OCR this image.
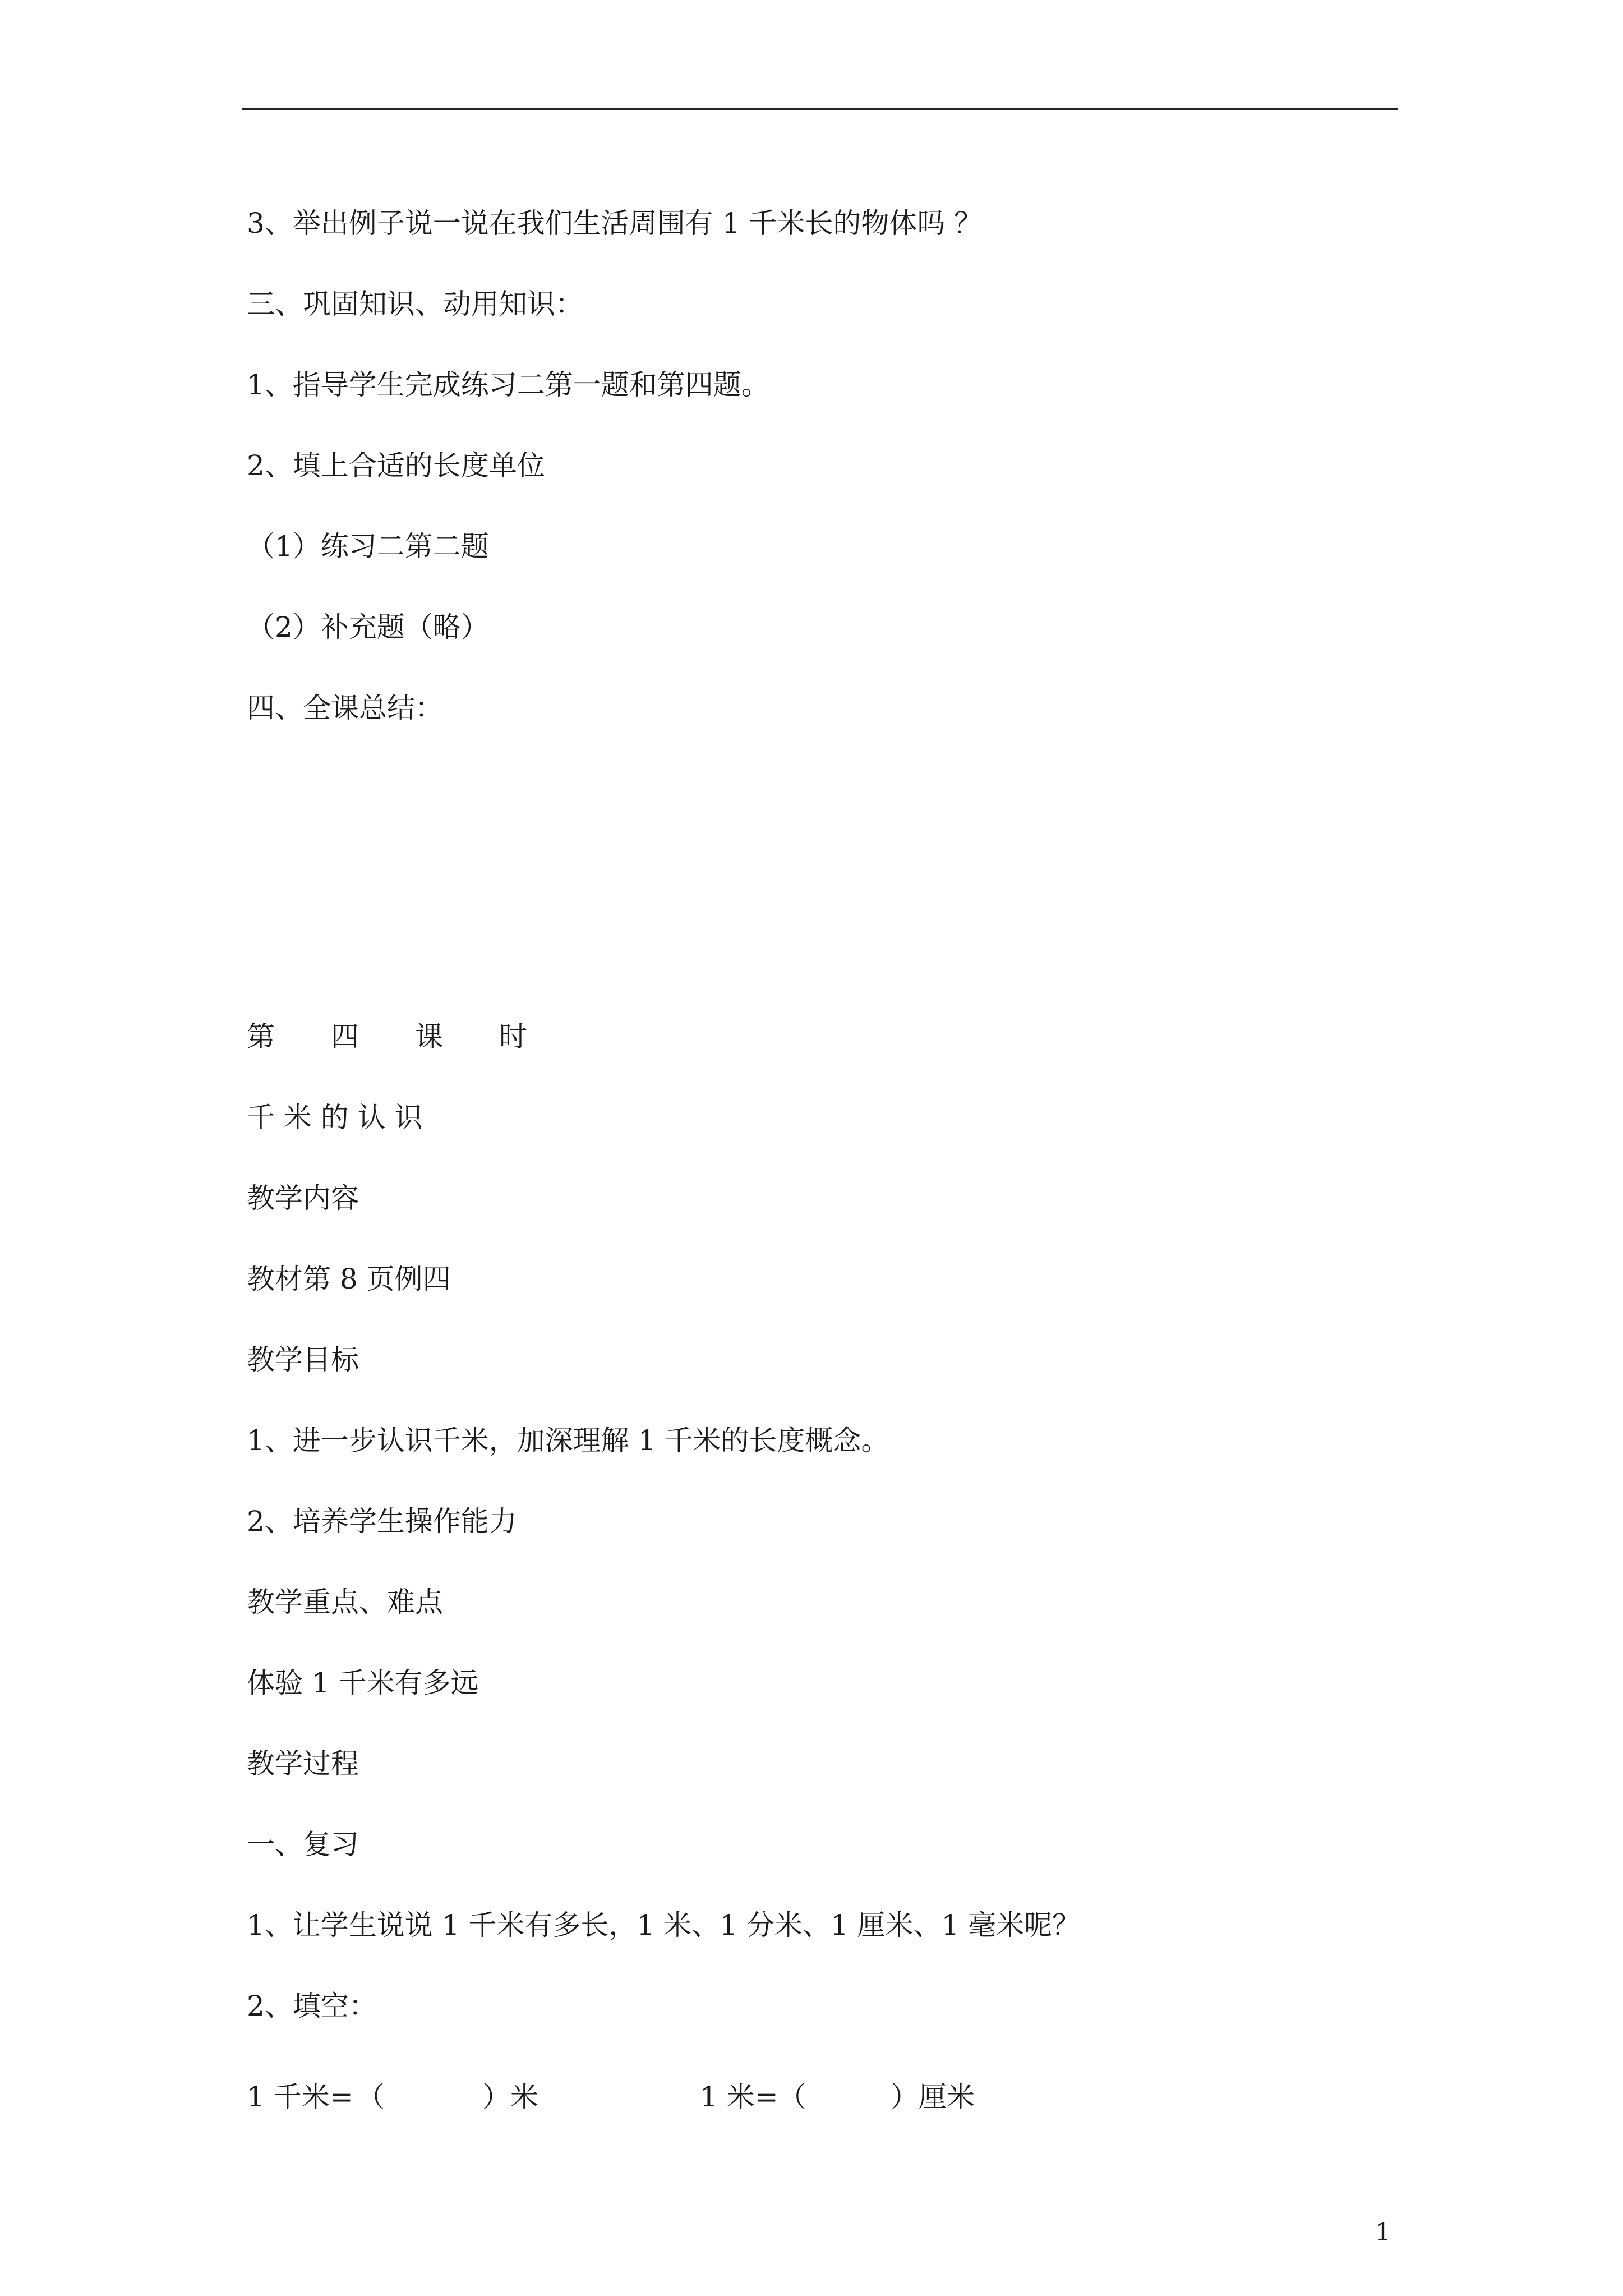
3、举出例子说一说在我们生活周围有 1 千米长的物体吗 ？
三、巩固知识、动用知识：
1、指导学生完成练习二第一题和第四题。
2、填上合适的长度单位
（1）练习二第二题
（2）补充题（略）
四、全课总结：
第　　四　　课　　时
千 米 的 认 识
教学内容
教材第 8 页例四
教学目标
1、进一步认识千米，加深理解 1 千米的长度概念。
2、培养学生操作能力
教学重点、难点
体验 1 千米有多远
教学过程
一、复习
1、让学生说说 1 千米有多长，1 米、1 分米、1 厘米、1 毫米呢？
2、填空：
1 千米= （	）米	1 米=（	）厘米
1
